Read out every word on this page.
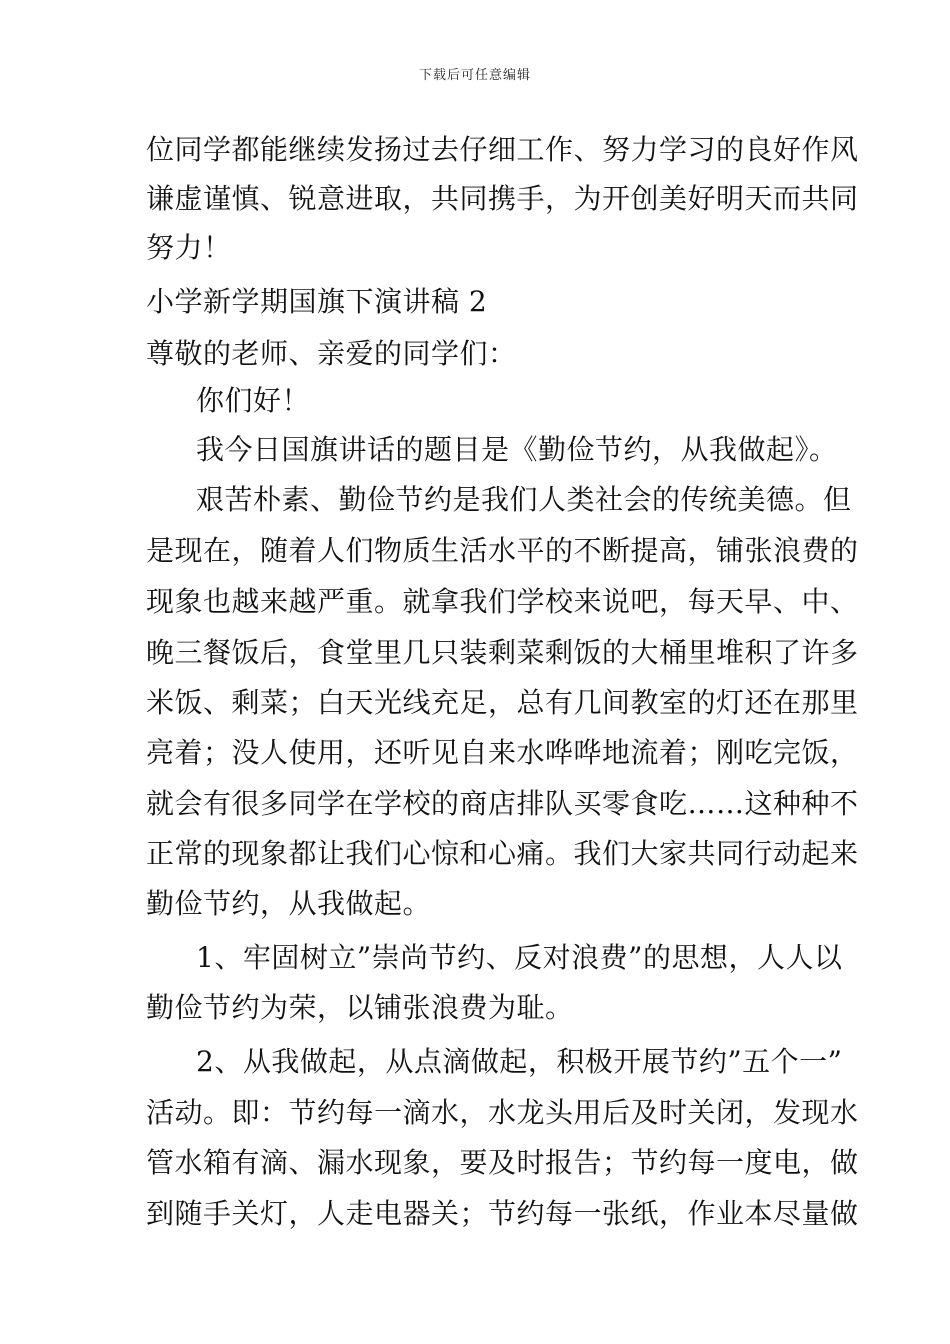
下载后可任意编辑
位同学都能继续发扬过去仔细工作、努力学习的良好作风
谦虚谨慎、锐意进取，共同携手，为开创美好明天而共同
努力！
小学新学期国旗下演讲稿 2
尊敬的老师、亲爱的同学们：
你们好！
我今日国旗讲话的题目是《勤俭节约，从我做起》。
艰苦朴素、勤俭节约是我们人类社会的传统美德。但
是现在，随着人们物质生活水平的不断提高，铺张浪费的
现象也越来越严重。就拿我们学校来说吧，每天早、中、
晚三餐饭后，食堂里几只装剩菜剩饭的大桶里堆积了许多
米饭、剩菜；白天光线充足，总有几间教室的灯还在那里
亮着；没人使用，还听见自来水哗哗地流着；刚吃完饭，
就会有很多同学在学校的商店排队买零食吃……这种种不
正常的现象都让我们心惊和心痛。我们大家共同行动起来
勤俭节约，从我做起。
1、牢固树立”崇尚节约、反对浪费”的思想，人人以
勤俭节约为荣，以铺张浪费为耻。
2、从我做起，从点滴做起，积极开展节约”五个一”
活动。即：节约每一滴水，水龙头用后及时关闭，发现水
管水箱有滴、漏水现象，要及时报告；节约每一度电，做
到随手关灯，人走电器关；节约每一张纸，作业本尽量做
